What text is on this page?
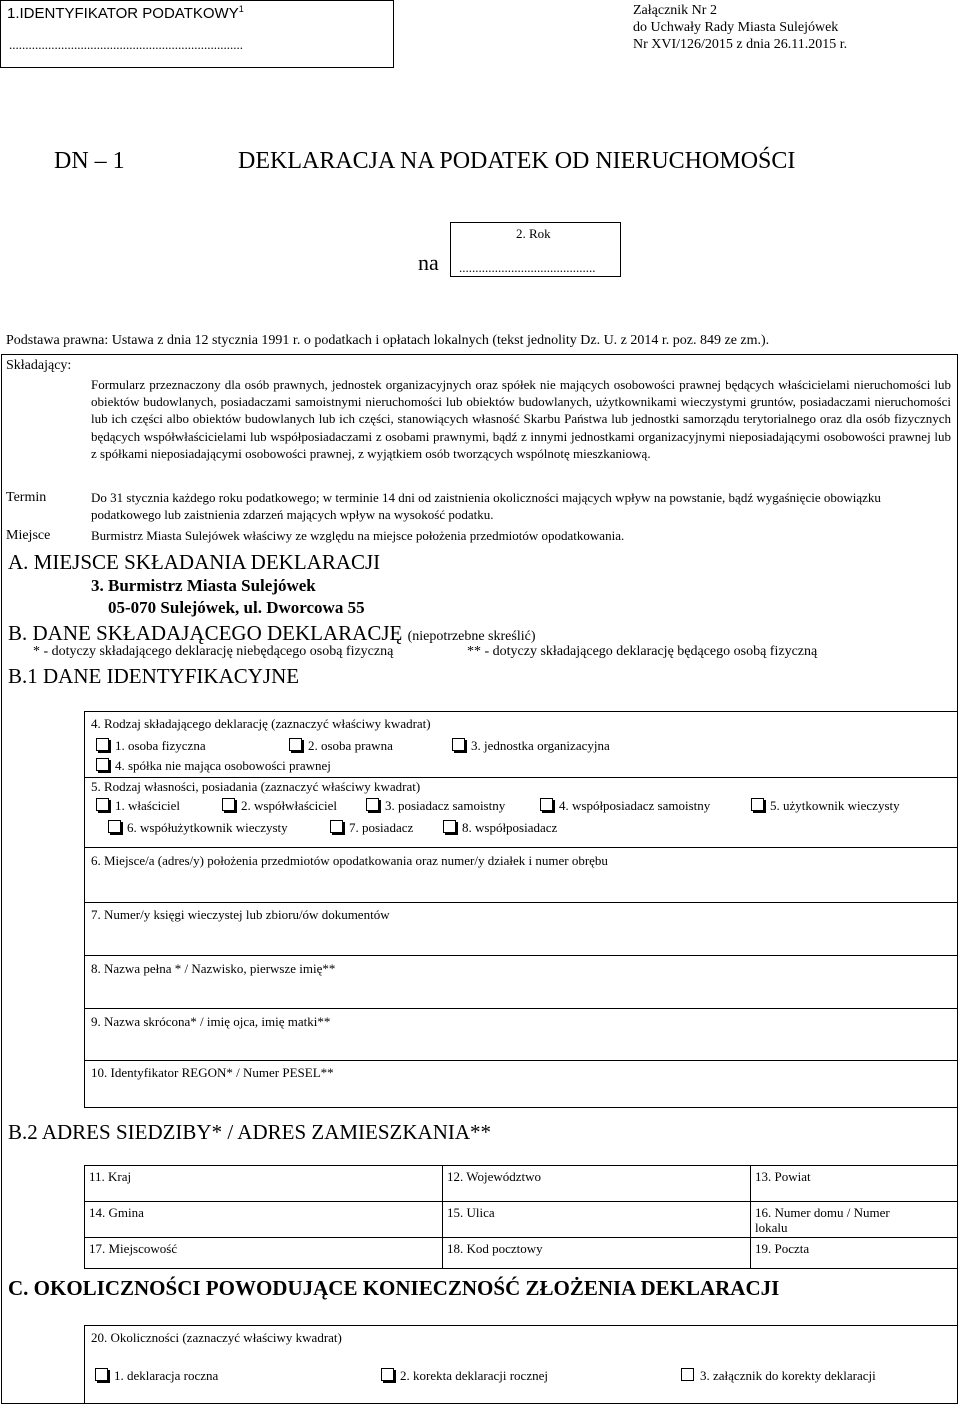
1.IDENTYFIKATOR PODATKOWY$^1$
........................................................................
Załącznik Nr 2
do Uchwały Rady Miasta Sulejówek
Nr XVI/126/2015 z dnia 26.11.2015 r.
DN – 1	DEKLARACJA NA PODATEK OD NIERUCHOMOŚCI
na
2. Rok
..........................................
Podstawa prawna: Ustawa z dnia 12 stycznia 1991 r. o podatkach i opłatach lokalnych (tekst jednolity Dz. U. z 2014 r. poz. 849 ze zm.).
Składający:
Formularz przeznaczony dla osób prawnych, jednostek organizacyjnych oraz spółek nie mających osobowości prawnej będących właścicielami nieruchomości lub obiektów budowlanych, posiadaczami samoistnymi nieruchomości lub obiektów budowlanych, użytkownikami wieczystymi gruntów, posiadaczami nieruchomości lub ich części albo obiektów budowlanych lub ich części, stanowiących własność Skarbu Państwa lub jednostki samorządu terytorialnego oraz dla osób fizycznych będących współwłaścicielami lub współposiadaczami z osobami prawnymi, bądź z innymi jednostkami organizacyjnymi nieposiadającymi osobowości prawnej lub z spółkami nieposiadającymi osobowości prawnej, z wyjątkiem osób tworzących wspólnotę mieszkaniową.
Termin	Do 31 stycznia każdego roku podatkowego; w terminie 14 dni od zaistnienia okoliczności mających wpływ na powstanie, bądź wygaśnięcie obowiązku podatkowego lub zaistnienia zdarzeń mających wpływ na wysokość podatku.
Miejsce	Burmistrz Miasta Sulejówek właściwy ze względu na miejsce położenia przedmiotów opodatkowania.
A. MIEJSCE SKŁADANIA DEKLARACJI
3. Burmistrz Miasta Sulejówek
05-070 Sulejówek, ul. Dworcowa 55
B. DANE SKŁADAJĄCEGO DEKLARACJĘ (niepotrzebne skreślić)
* - dotyczy składającego deklarację niebędącego osobą fizyczną	** - dotyczy składającego deklarację będącego osobą fizyczną
B.1 DANE IDENTYFIKACYJNE
4. Rodzaj składającego deklarację (zaznaczyć właściwy kwadrat)
1. osoba fizyczna	2. osoba prawna	3. jednostka organizacyjna
4. spółka nie mająca osobowości prawnej
5. Rodzaj własności, posiadania (zaznaczyć właściwy kwadrat)
1. właściciel	2. współwłaściciel	3. posiadacz samoistny	4. współposiadacz samoistny	5. użytkownik wieczysty
6. współużytkownik wieczysty	7. posiadacz	8. współposiadacz
6. Miejsce/a (adres/y) położenia przedmiotów opodatkowania oraz numer/y działek i numer obrębu
7. Numer/y księgi wieczystej lub zbioru/ów dokumentów
8. Nazwa pełna * / Nazwisko, pierwsze imię**
9. Nazwa skrócona* / imię ojca, imię matki**
10. Identyfikator REGON* / Numer PESEL**
B.2 ADRES SIEDZIBY* / ADRES ZAMIESZKANIA**
11. Kraj	12. Województwo	13. Powiat
14. Gmina	15. Ulica	16. Numer domu / Numer lokalu
17. Miejscowość	18. Kod pocztowy	19. Poczta
C. OKOLICZNOŚCI POWODUJĄCE KONIECZNOŚĆ ZŁOŻENIA DEKLARACJI
20. Okoliczności (zaznaczyć właściwy kwadrat)
1. deklaracja roczna	2. korekta deklaracji rocznej	3. załącznik do korekty deklaracji
